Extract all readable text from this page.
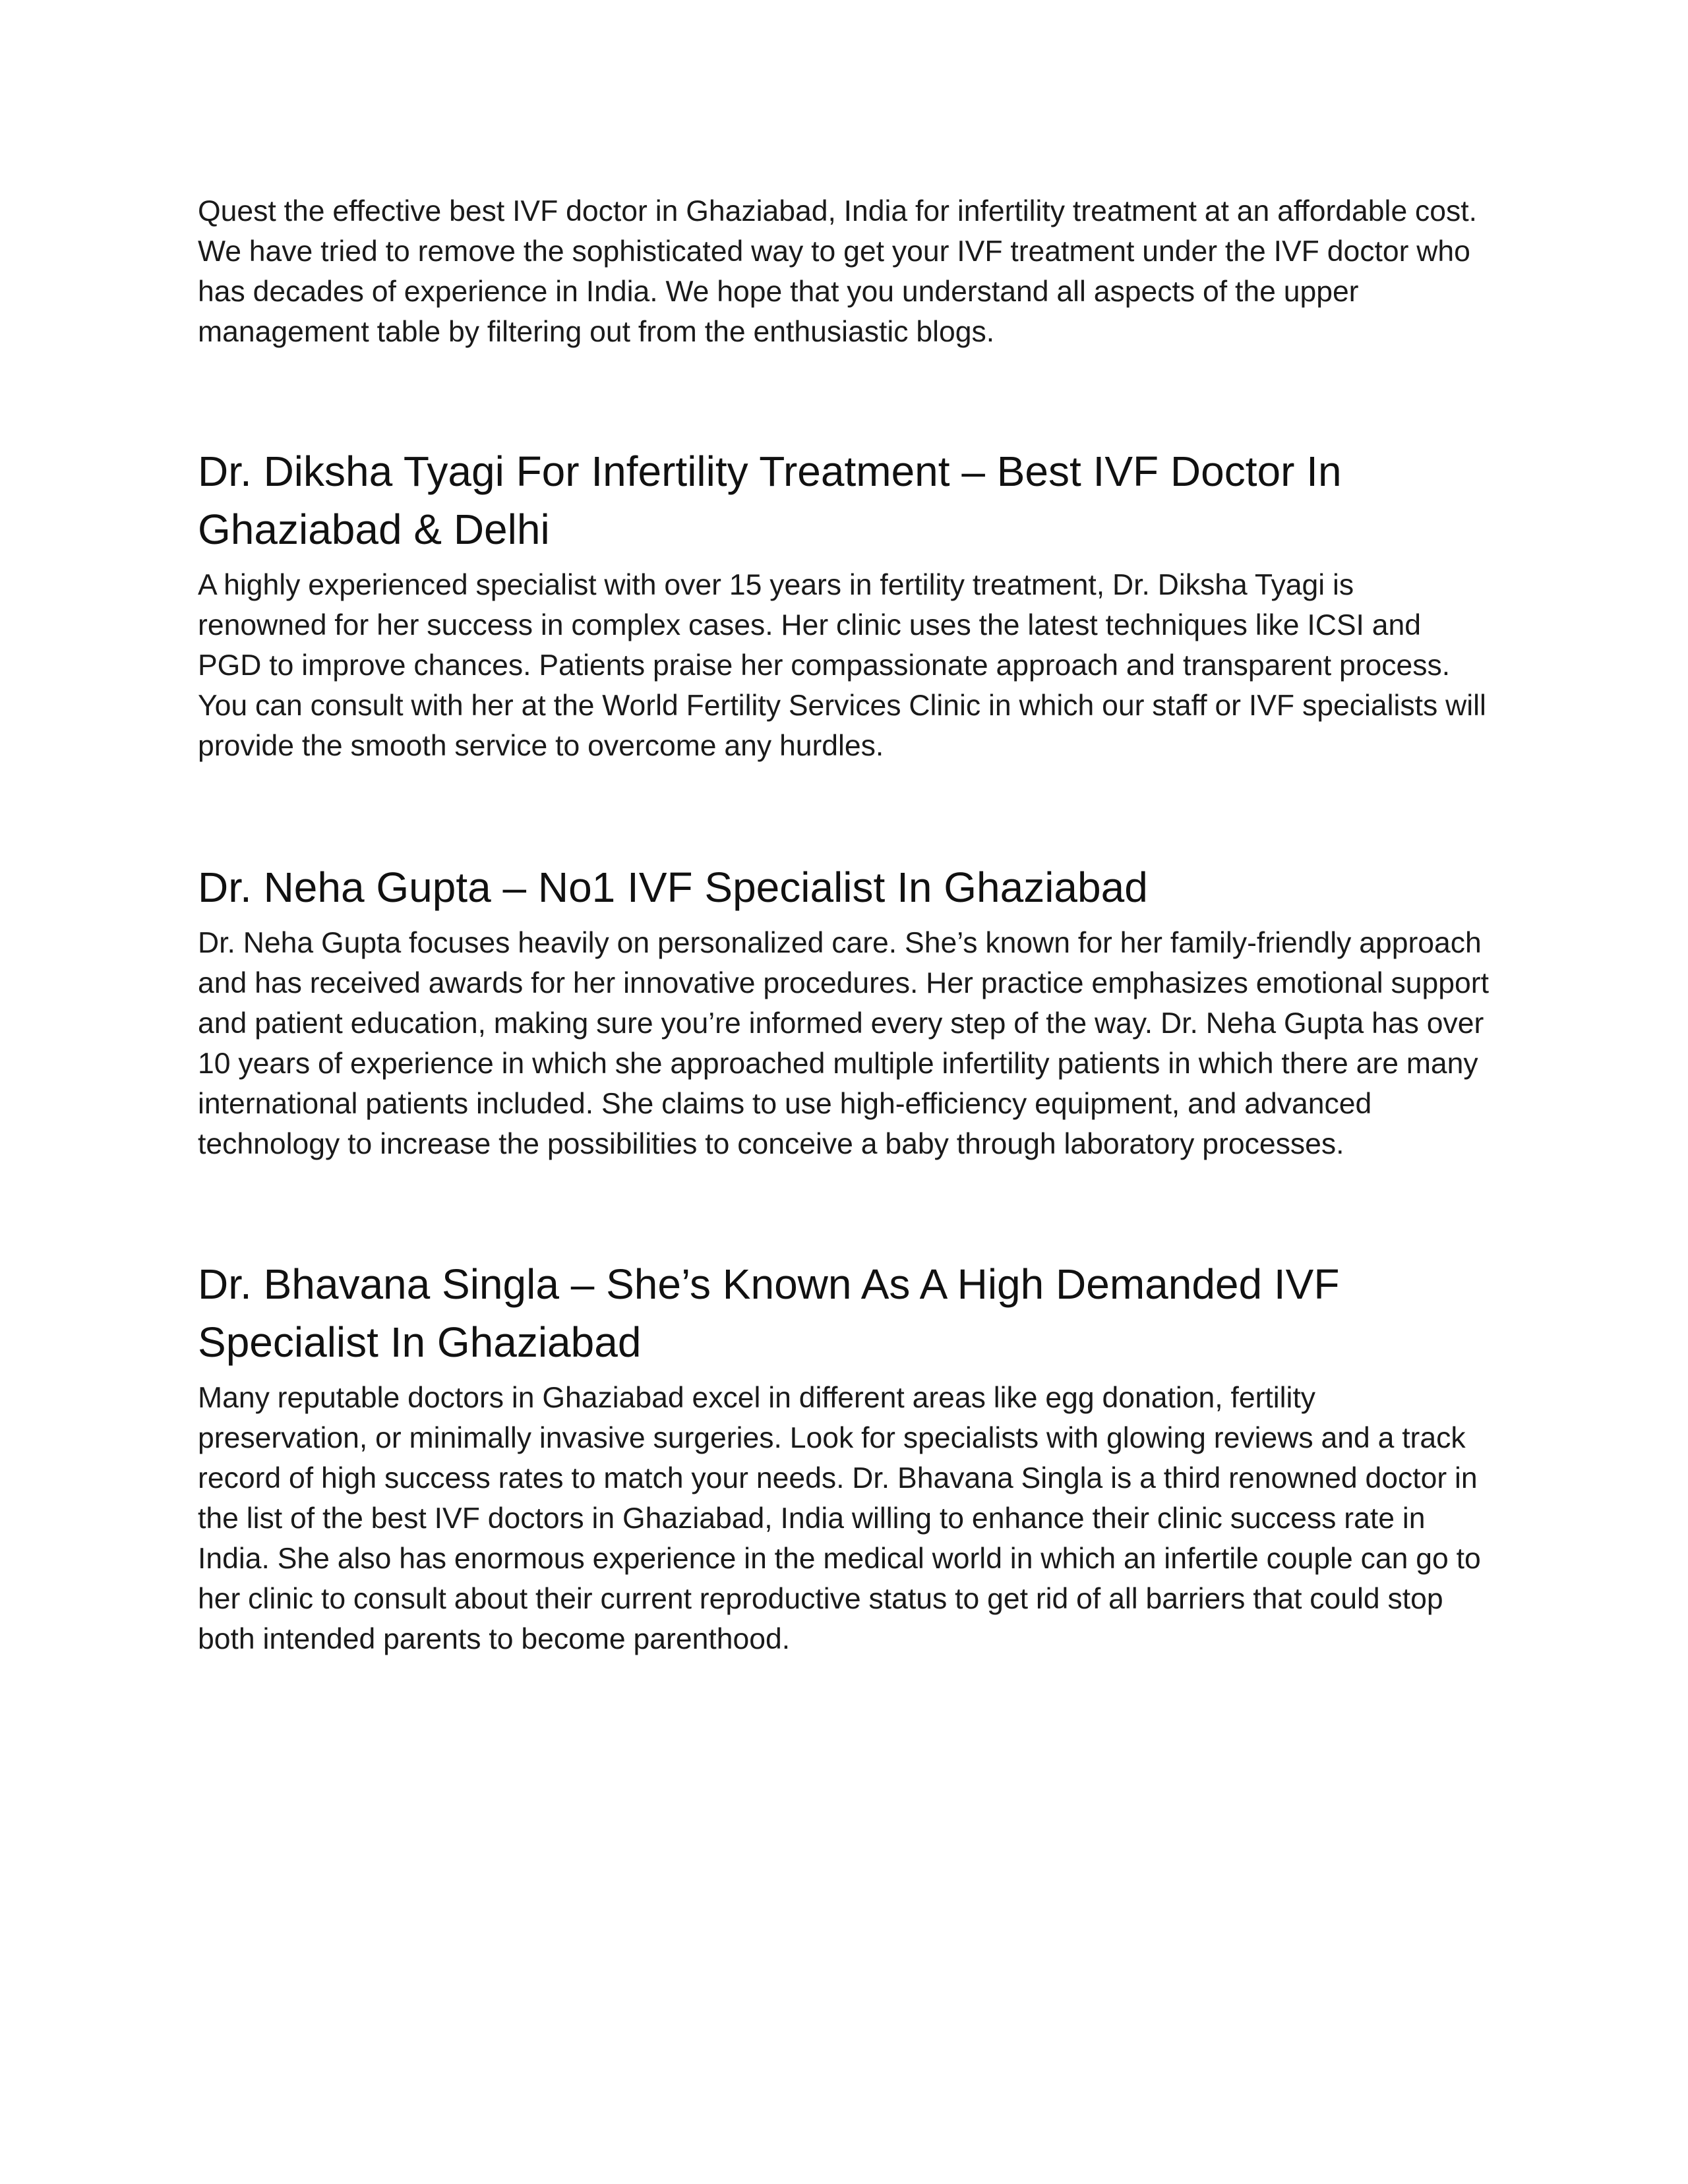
Quest the effective best IVF doctor in Ghaziabad, India for infertility treatment at an affordable cost. We have tried to remove the sophisticated way to get your IVF treatment under the IVF doctor who has decades of experience in India. We hope that you understand all aspects of the upper management table by filtering out from the enthusiastic blogs.

Dr. Diksha Tyagi For Infertility Treatment – Best IVF Doctor In Ghaziabad & Delhi

A highly experienced specialist with over 15 years in fertility treatment, Dr. Diksha Tyagi is renowned for her success in complex cases. Her clinic uses the latest techniques like ICSI and PGD to improve chances. Patients praise her compassionate approach and transparent process. You can consult with her at the World Fertility Services Clinic in which our staff or IVF specialists will provide the smooth service to overcome any hurdles.

Dr. Neha Gupta – No1 IVF Specialist In Ghaziabad

Dr. Neha Gupta focuses heavily on personalized care. She’s known for her family-friendly approach and has received awards for her innovative procedures. Her practice emphasizes emotional support and patient education, making sure you’re informed every step of the way. Dr. Neha Gupta has over 10 years of experience in which she approached multiple infertility patients in which there are many international patients included. She claims to use high-efficiency equipment, and advanced technology to increase the possibilities to conceive a baby through laboratory processes.

Dr. Bhavana Singla – She’s Known As A High Demanded IVF Specialist In Ghaziabad

Many reputable doctors in Ghaziabad excel in different areas like egg donation, fertility preservation, or minimally invasive surgeries. Look for specialists with glowing reviews and a track record of high success rates to match your needs. Dr. Bhavana Singla is a third renowned doctor in the list of the best IVF doctors in Ghaziabad, India willing to enhance their clinic success rate in India. She also has enormous experience in the medical world in which an infertile couple can go to her clinic to consult about their current reproductive status to get rid of all barriers that could stop both intended parents to become parenthood.
